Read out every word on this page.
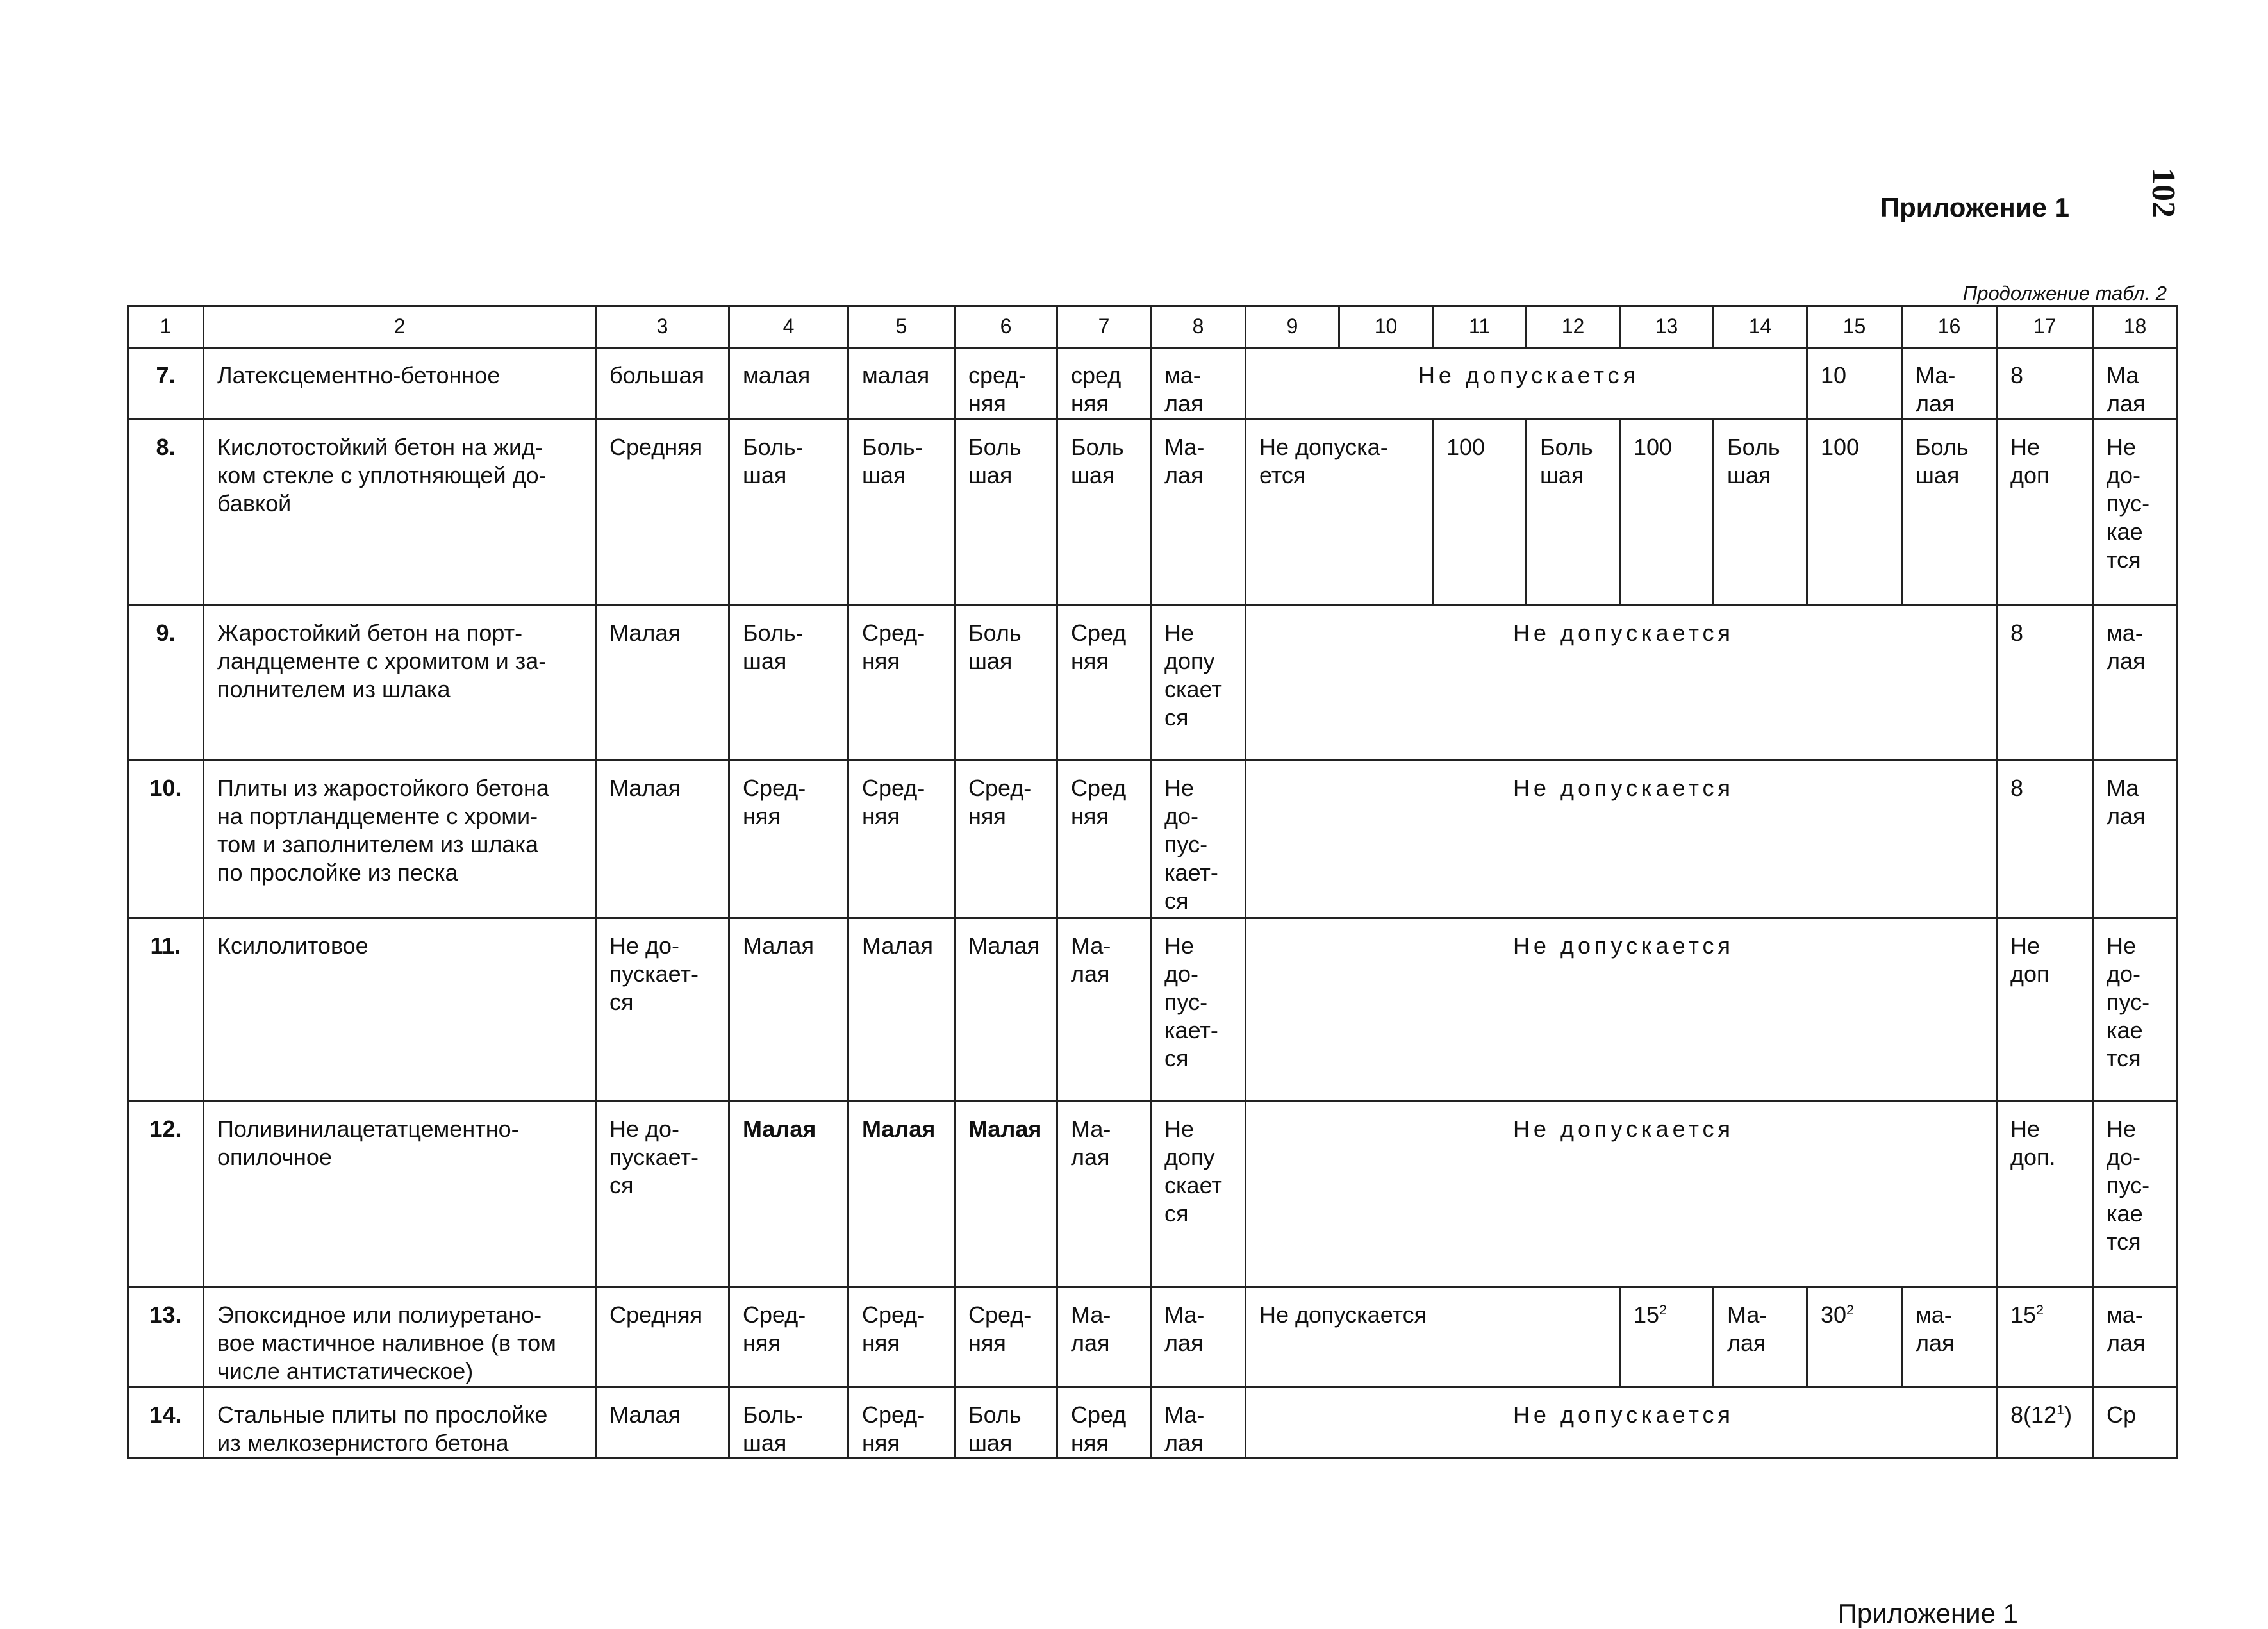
102
Приложение 1
Продолжение табл. 2
1	2	3	4	5	6	7	8	9	10	11	12	13	14	15	16	17	18
7.	Латексцементно-бетонное	большая	малая	малая	сред-
няя	сред
няя	ма-
лая	Не допускается						10	Ма-
лая	8	Ма
лая
8.	Кислотостойкий бетон на жид-
ком стекле с уплотняющей до-
бавкой	Средняя	Боль-
шая	Боль-
шая	Боль
шая	Боль
шая	Ма-
лая	Не допуска-
ется		100	Боль
шая	100	Боль
шая	100	Боль
шая	Не
доп	Не
до-
пус-
кае
тся
9.	Жаростойкий бетон на порт-
ландцементе с хромитом и за-
полнителем из шлака	Малая	Боль-
шая	Сред-
няя	Боль
шая	Сред
няя	Не
допу
скает
ся	Не допускается								8	ма-
лая
10.	Плиты из жаростойкого бетона
на портландцементе с хроми-
том и заполнителем из шлака
по прослойке из песка	Малая	Сред-
няя	Сред-
няя	Сред-
няя	Сред
няя	Не
до-
пус-
кает-
ся	Не допускается								8	Ма
лая
11.	Ксилолитовое	Не до-
пускает-
ся	Малая	Малая	Малая	Ма-
лая	Не
до-
пус-
кает-
ся	Не допускается								Не
доп	Не
до-
пус-
кае
тся
12.	Поливинилацетатцементно-
опилочное	Не до-
пускает-
ся	Малая	Малая	Малая	Ма-
лая	Не
допу
скает
ся	Не допускается								Не
доп.	Не
до-
пус-
кае
тся
13.	Эпоксидное или полиуретано-
вое мастичное наливное (в том
числе антистатическое)	Средняя	Сред-
няя	Сред-
няя	Сред-
няя	Ма-
лая	Ма-
лая	Не допускается				$15^2$	Ма-
лая	$30^2$	ма-
лая	$15^2$	ма-
лая
14.	Стальные плиты по прослойке
из мелкозернистого бетона	Малая	Боль-
шая	Сред-
няя	Боль
шая	Сред
няя	Ма-
лая	Не допускается								$8(12^1)$	Ср
Приложение 1
